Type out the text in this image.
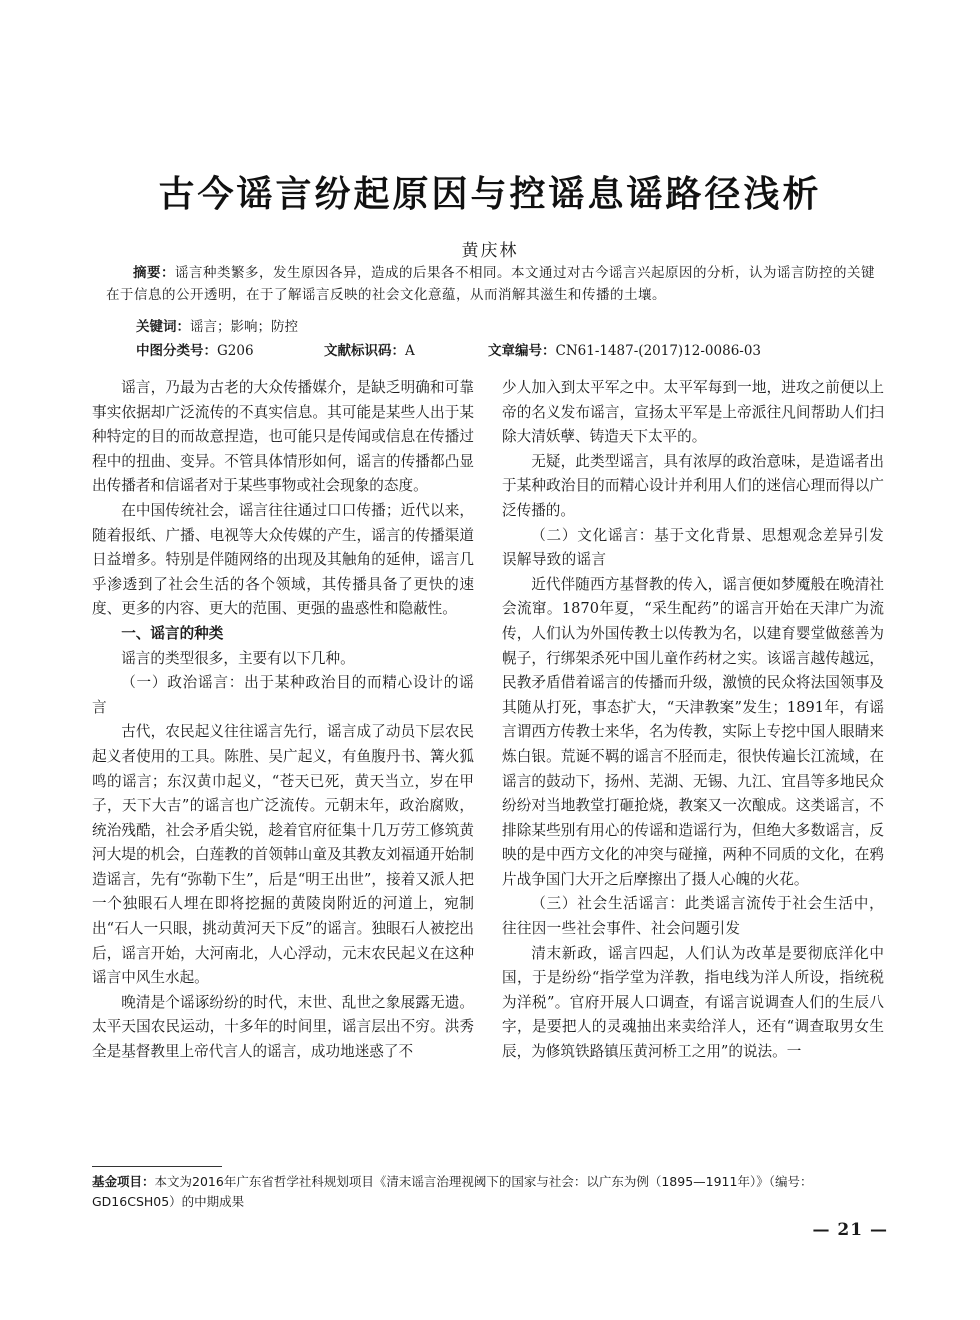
古今谣言纷起原因与控谣息谣路径浅析
黄庆林
摘要：谣言种类繁多，发生原因各异，造成的后果各不相同。本文通过对古今谣言兴起原因的分析，认为谣言防控的关键在于信息的公开透明，在于了解谣言反映的社会文化意蕴，从而消解其滋生和传播的土壤。
关键词：谣言；影响；防控
中图分类号：G206	文献标识码：A	文章编号：CN61-1487-(2017)12-0086-03

谣言，乃最为古老的大众传播媒介，是缺乏明确和可靠事实依据却广泛流传的不真实信息。其可能是某些人出于某种特定的目的而故意捏造，也可能只是传闻或信息在传播过程中的扭曲、变异。不管具体情形如何，谣言的传播都凸显出传播者和信谣者对于某些事物或社会现象的态度。

在中国传统社会，谣言往往通过口口传播；近代以来，随着报纸、广播、电视等大众传媒的产生，谣言的传播渠道日益增多。特别是伴随网络的出现及其触角的延伸，谣言几乎渗透到了社会生活的各个领域，其传播具备了更快的速度、更多的内容、更大的范围、更强的蛊惑性和隐蔽性。

一、谣言的种类

谣言的类型很多，主要有以下几种。

（一）政治谣言：出于某种政治目的而精心设计的谣言

古代，农民起义往往谣言先行，谣言成了动员下层农民起义者使用的工具。陈胜、吴广起义，有鱼腹丹书、篝火狐鸣的谣言；东汉黄巾起义，“苍天已死，黄天当立，岁在甲子，天下大吉”的谣言也广泛流传。元朝末年，政治腐败，统治残酷，社会矛盾尖锐，趁着官府征集十几万劳工修筑黄河大堤的机会，白莲教的首领韩山童及其教友刘福通开始制造谣言，先有“弥勒下生”，后是“明王出世”，接着又派人把一个独眼石人埋在即将挖掘的黄陵岗附近的河道上，宛制出“石人一只眼，挑动黄河天下反”的谣言。独眼石人被挖出后，谣言开始，大河南北，人心浮动，元末农民起义在这种谣言中风生水起。

晚清是个谣诼纷纷的时代，末世、乱世之象展露无遗。太平天国农民运动，十多年的时间里，谣言层出不穷。洪秀全是基督教里上帝代言人的谣言，成功地迷惑了不

少人加入到太平军之中。太平军每到一地，进攻之前便以上帝的名义发布谣言，宣扬太平军是上帝派往凡间帮助人们扫除大清妖孽、铸造天下太平的。

无疑，此类型谣言，具有浓厚的政治意味，是造谣者出于某种政治目的而精心设计并利用人们的迷信心理而得以广泛传播的。

（二）文化谣言：基于文化背景、思想观念差异引发误解导致的谣言

近代伴随西方基督教的传入，谣言便如梦魇般在晚清社会流窜。1870年夏，“采生配药”的谣言开始在天津广为流传，人们认为外国传教士以传教为名，以建育婴堂做慈善为幌子，行绑架杀死中国儿童作药材之实。该谣言越传越远，民教矛盾借着谣言的传播而升级，激愤的民众将法国领事及其随从打死，事态扩大，“天津教案”发生；1891年，有谣言谓西方传教士来华，名为传教，实际上专挖中国人眼睛来炼白银。荒诞不羁的谣言不胫而走，很快传遍长江流域，在谣言的鼓动下，扬州、芜湖、无锡、九江、宜昌等多地民众纷纷对当地教堂打砸抢烧，教案又一次酿成。这类谣言，不排除某些别有用心的传谣和造谣行为，但绝大多数谣言，反映的是中西方文化的冲突与碰撞，两种不同质的文化，在鸦片战争国门大开之后摩擦出了摄人心魄的火花。

（三）社会生活谣言：此类谣言流传于社会生活中，往往因一些社会事件、社会问题引发

清末新政，谣言四起，人们认为改革是要彻底洋化中国，于是纷纷“指学堂为洋教，指电线为洋人所设，指统税为洋税”。官府开展人口调查，有谣言说调查人们的生辰八字，是要把人的灵魂抽出来卖给洋人，还有“调查取男女生辰，为修筑铁路镇压黄河桥工之用”的说法。一

基金项目：本文为2016年广东省哲学社科规划项目《清末谣言治理视阈下的国家与社会：以广东为例（1895—1911年）》（编号：GD16CSH05）的中期成果
— 21 —
